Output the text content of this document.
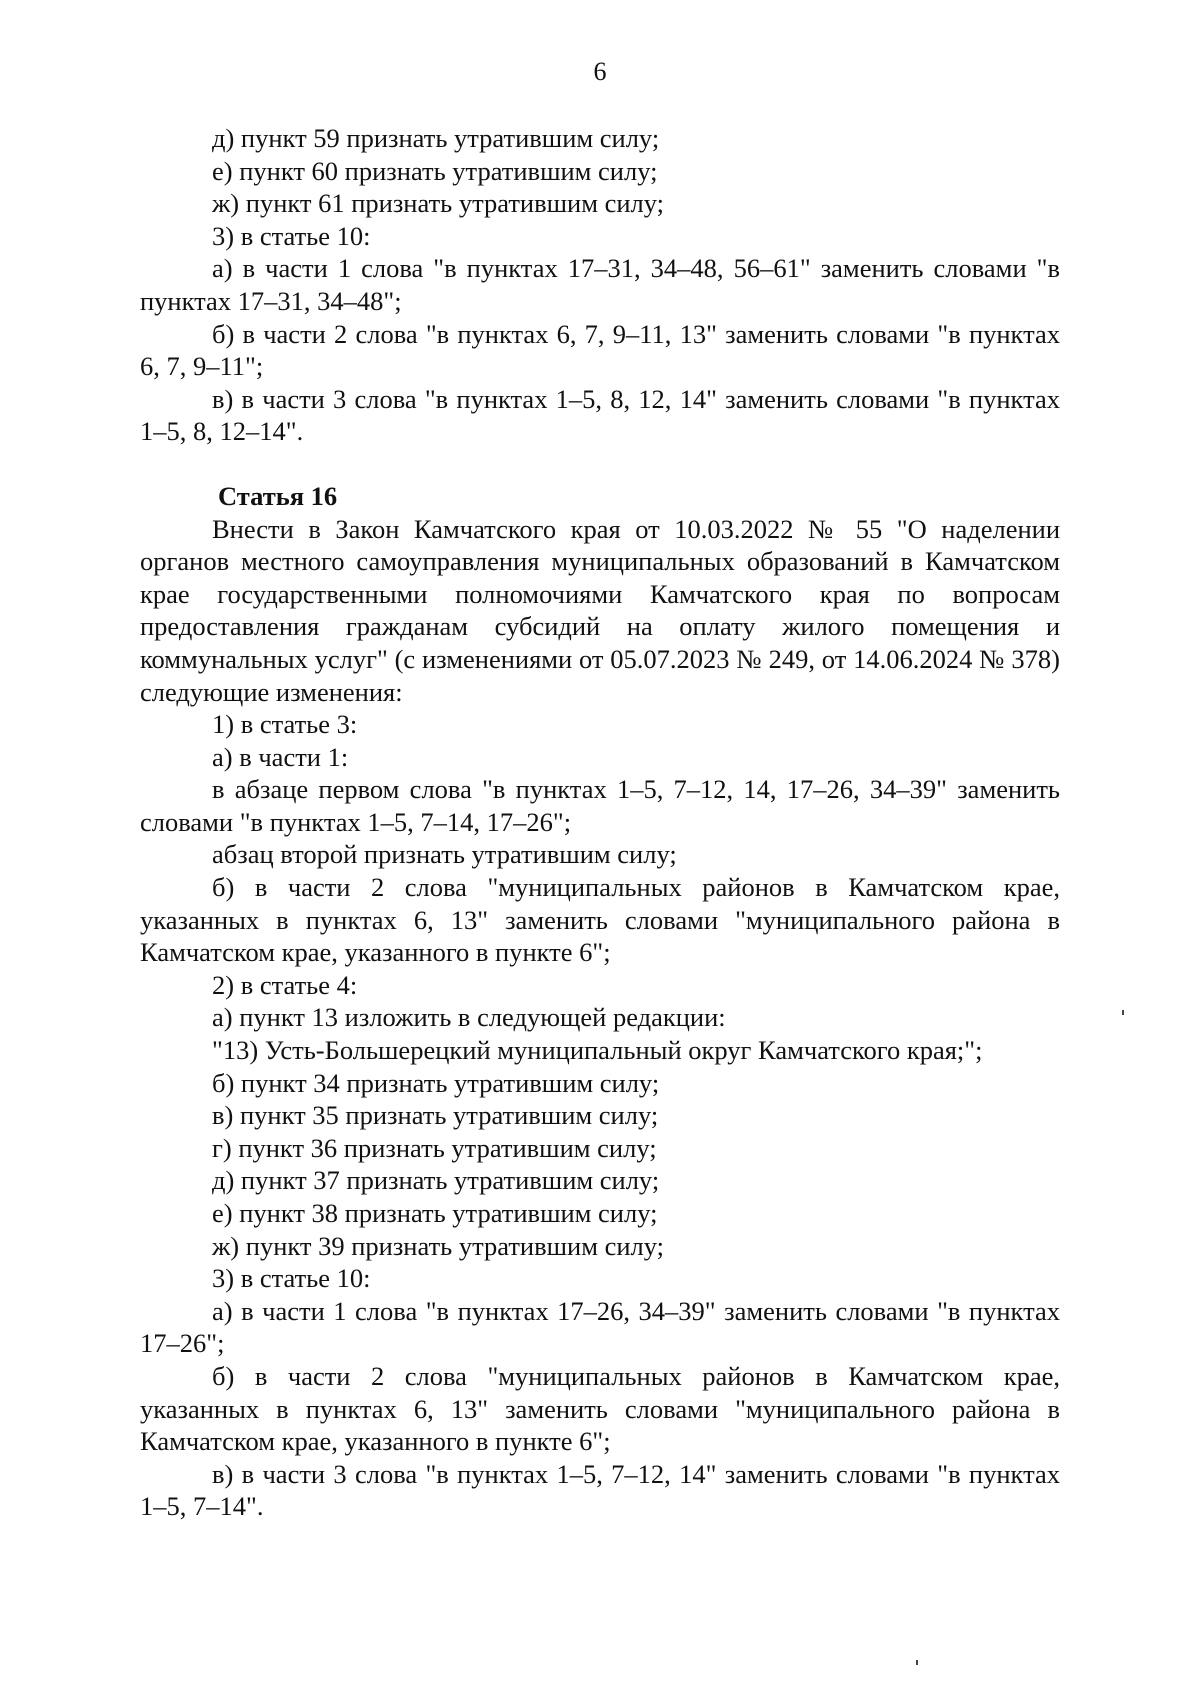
6

д) пункт 59 признать утратившим силу;

е) пункт 60 признать утратившим силу;

ж) пункт 61 признать утратившим силу;

3) в статье 10:

а) в части 1 слова "в пунктах 17–31, 34–48, 56–61" заменить словами "в пунктах 17–31, 34–48";

б) в части 2 слова "в пунктах 6, 7, 9–11, 13" заменить словами "в пунктах 6, 7, 9–11";

в) в части 3 слова "в пунктах 1–5, 8, 12, 14" заменить словами "в пунктах 1–5, 8, 12–14".

Статья 16

Внести в Закон Камчатского края от 10.03.2022 № 55 "О наделении органов местного самоуправления муниципальных образований в Камчатском крае государственными полномочиями Камчатского края по вопросам предоставления гражданам субсидий на оплату жилого помещения и коммунальных услуг" (с изменениями от 05.07.2023 № 249, от 14.06.2024 № 378) следующие изменения:

1) в статье 3:

а) в части 1:

в абзаце первом слова "в пунктах 1–5, 7–12, 14, 17–26, 34–39" заменить словами "в пунктах 1–5, 7–14, 17–26";

абзац второй признать утратившим силу;

б) в части 2 слова "муниципальных районов в Камчатском крае, указанных в пунктах 6, 13" заменить словами "муниципального района в Камчатском крае, указанного в пункте 6";

2) в статье 4:

а) пункт 13 изложить в следующей редакции:

"13) Усть-Большерецкий муниципальный округ Камчатского края;";

б) пункт 34 признать утратившим силу;

в) пункт 35 признать утратившим силу;

г) пункт 36 признать утратившим силу;

д) пункт 37 признать утратившим силу;

е) пункт 38 признать утратившим силу;

ж) пункт 39 признать утратившим силу;

3) в статье 10:

а) в части 1 слова "в пунктах 17–26, 34–39" заменить словами "в пунктах 17–26";

б) в части 2 слова "муниципальных районов в Камчатском крае, указанных в пунктах 6, 13" заменить словами "муниципального района в Камчатском крае, указанного в пункте 6";

в) в части 3 слова "в пунктах 1–5, 7–12, 14" заменить словами "в пунктах 1–5, 7–14".
